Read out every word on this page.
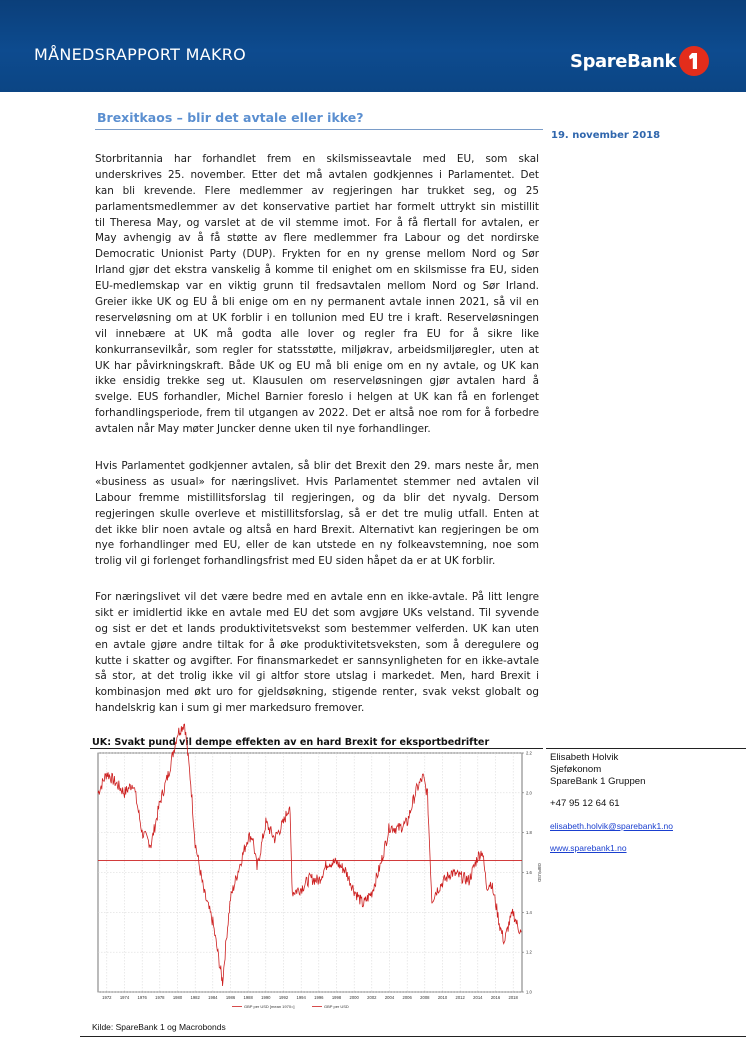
MÅNEDSRAPPORT MAKRO	SpareBank
Brexitkaos – blir det avtale eller ikke?
19. november 2018
Storbritannia har forhandlet frem en skilsmisseavtale med EU, som skal
underskrives 25. november. Etter det må avtalen godkjennes i Parlamentet. Det
kan bli krevende. Flere medlemmer av regjeringen har trukket seg, og 25
parlamentsmedlemmer av det konservative partiet har formelt uttrykt sin mistillit
til Theresa May, og varslet at de vil stemme imot. For å få flertall for avtalen, er
May avhengig av å få støtte av flere medlemmer fra Labour og det nordirske
Democratic Unionist Party (DUP). Frykten for en ny grense mellom Nord og Sør
Irland gjør det ekstra vanskelig å komme til enighet om en skilsmisse fra EU, siden
EU-medlemskap var en viktig grunn til fredsavtalen mellom Nord og Sør Irland.
Greier ikke UK og EU å bli enige om en ny permanent avtale innen 2021, så vil en
reserveløsning om at UK forblir i en tollunion med EU tre i kraft. Reserveløsningen
vil innebære at UK må godta alle lover og regler fra EU for å sikre like
konkurransevilkår, som regler for statsstøtte, miljøkrav, arbeidsmiljøregler, uten at
UK har påvirkningskraft. Både UK og EU må bli enige om en ny avtale, og UK kan
ikke ensidig trekke seg ut. Klausulen om reserveløsningen gjør avtalen hard å
svelge. EUS forhandler, Michel Barnier foreslo i helgen at UK kan få en forlenget
forhandlingsperiode, frem til utgangen av 2022. Det er altså noe rom for å forbedre
avtalen når May møter Juncker denne uken til nye forhandlinger.
Hvis Parlamentet godkjenner avtalen, så blir det Brexit den 29. mars neste år, men
«business as usual» for næringslivet. Hvis Parlamentet stemmer ned avtalen vil
Labour fremme mistillitsforslag til regjeringen, og da blir det nyvalg. Dersom
regjeringen skulle overleve et mistillitsforslag, så er det tre mulig utfall. Enten at
det ikke blir noen avtale og altså en hard Brexit. Alternativt kan regjeringen be om
nye forhandlinger med EU, eller de kan utstede en ny folkeavstemning, noe som
trolig vil gi forlenget forhandlingsfrist med EU siden håpet da er at UK forblir.
For næringslivet vil det være bedre med en avtale enn en ikke-avtale. På litt lengre
sikt er imidlertid ikke en avtale med EU det som avgjøre UKs velstand. Til syvende
og sist er det et lands produktivitetsvekst som bestemmer velferden. UK kan uten
en avtale gjøre andre tiltak for å øke produktivitetsveksten, som å deregulere og
kutte i skatter og avgifter. For finansmarkedet er sannsynligheten for en ikke-avtale
så stor, at det trolig ikke vil gi altfor store utslag i markedet. Men, hard Brexit i
kombinasjon med økt uro for gjeldsøkning, stigende renter, svak vekst globalt og
handelskrig kan i sum gi mer markedsuro fremover.
UK: Svakt pund vil dempe effekten av en hard Brexit for eksportbedrifter
1972 1974 1976 1978 1980 1982 1984 1986 1988 1990 1992 1994 1996 1998 2000 2002 2004 2006 2008 2010 2012 2014 2016 2018
1.0
1.2
1.4
1.6
1.8
2.0
2.2
GBP/USD
GBP per USD [mean 1970=]	GBP per USD
Elisabeth Holvik
Sjeføkonom
SpareBank 1 Gruppen
+47 95 12 64 61
elisabeth.holvik@sparebank1.no
www.sparebank1.no
Kilde: SpareBank 1 og Macrobonds
